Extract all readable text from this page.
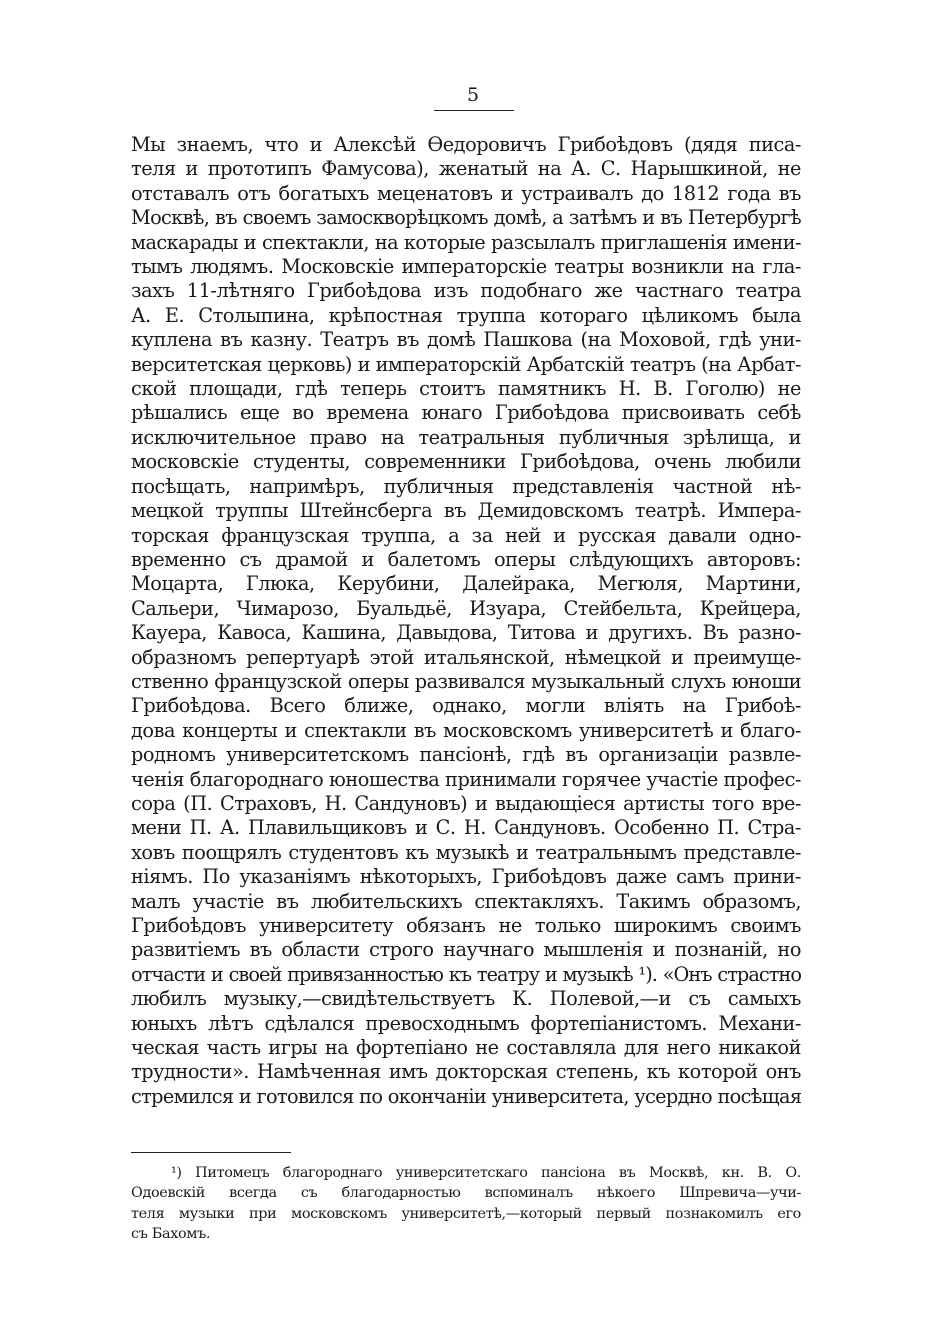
5
Мы знаемъ, что и Алексѣй Ѳедоровичъ Грибоѣдовъ (дядя писа-
теля и прототипъ Фамусова), женатый на А. С. Нарышкиной, не
отставалъ отъ богатыхъ меценатовъ и устраивалъ до 1812 года въ
Москвѣ, въ своемъ замоскворѣцкомъ домѣ, а затѣмъ и въ Петербургѣ
маскарады и спектакли, на которые разсылалъ приглашенія имени-
тымъ людямъ. Московскіе императорскіе театры возникли на гла-
захъ 11-лѣтняго Грибоѣдова изъ подобнаго же частнаго театра
А. Е. Столыпина, крѣпостная труппа котораго цѣликомъ была
куплена въ казну. Театръ въ домѣ Пашкова (на Моховой, гдѣ уни-
верситетская церковь) и императорскій Арбатскій театръ (на Арбат-
ской площади, гдѣ теперь стоитъ памятникъ Н. В. Гоголю) не
рѣшались еще во времена юнаго Грибоѣдова присвоивать себѣ
исключительное право на театральныя публичныя зрѣлища, и
московскіе студенты, современники Грибоѣдова, очень любили
посѣщать, напримѣръ, публичныя представленія частной нѣ-
мецкой труппы Штейнсберга въ Демидовскомъ театрѣ. Импера-
торская французская труппа, а за ней и русская давали одно-
временно съ драмой и балетомъ оперы слѣдующихъ авторовъ:
Моцарта, Глюка, Керубини, Далейрака, Мегюля, Мартини,
Сальери, Чимарозо, Буальдьё, Изуара, Стейбельта, Крейцера,
Кауера, Кавоса, Кашина, Давыдова, Титова и другихъ. Въ разно-
образномъ репертуарѣ этой итальянской, нѣмецкой и преимуще-
ственно французской оперы развивался музыкальный слухъ юноши
Грибоѣдова. Всего ближе, однако, могли вліять на Грибоѣ-
дова концерты и спектакли въ московскомъ университетѣ и благо-
родномъ университетскомъ пансіонѣ, гдѣ въ организаціи развле-
ченія благороднаго юношества принимали горячее участіе профес-
сора (П. Страховъ, Н. Сандуновъ) и выдающіеся артисты того вре-
мени П. А. Плавильщиковъ и С. Н. Сандуновъ. Особенно П. Стра-
ховъ поощрялъ студентовъ къ музыкѣ и театральнымъ представле-
ніямъ. По указаніямъ нѣкоторыхъ, Грибоѣдовъ даже самъ прини-
малъ участіе въ любительскихъ спектакляхъ. Такимъ образомъ,
Грибоѣдовъ университету обязанъ не только широкимъ своимъ
развитіемъ въ области строго научнаго мышленія и познаній, но
отчасти и своей привязанностью къ театру и музыкѣ ¹). «Онъ страстно
любилъ музыку,—свидѣтельствуетъ К. Полевой,—и съ самыхъ
юныхъ лѣтъ сдѣлался превосходнымъ фортепіанистомъ. Механи-
ческая часть игры на фортепіано не составляла для него никакой
трудности». Намѣченная имъ докторская степень, къ которой онъ
стремился и готовился по окончаніи университета, усердно посѣщая
¹) Питомецъ благороднаго университетскаго пансіона въ Москвѣ, кн. В. О.
Одоевскій всегда съ благодарностью вспоминалъ нѣкоего Шпревича—учи-
теля музыки при московскомъ университетѣ,—который первый познакомилъ его
съ Бахомъ.
